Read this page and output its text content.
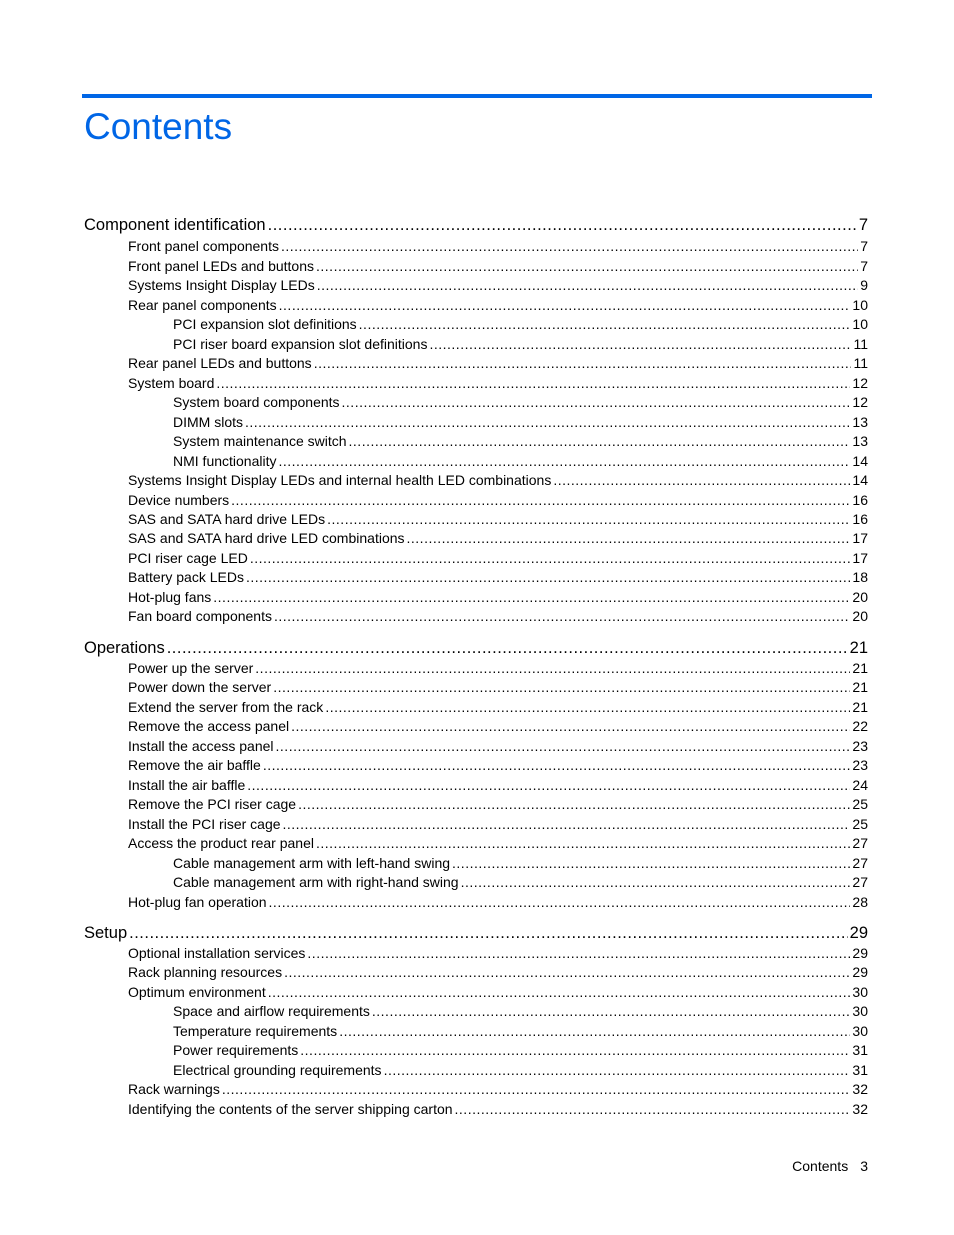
Contents
Component identification .....	7
Front panel components .....	7
Front panel LEDs and buttons .....	7
Systems Insight Display LEDs .....	9
Rear panel components .....	10
PCI expansion slot definitions .....	10
PCI riser board expansion slot definitions .....	11
Rear panel LEDs and buttons .....	11
System board .....	12
System board components .....	12
DIMM slots .....	13
System maintenance switch .....	13
NMI functionality .....	14
Systems Insight Display LEDs and internal health LED combinations .....	14
Device numbers .....	16
SAS and SATA hard drive LEDs .....	16
SAS and SATA hard drive LED combinations .....	17
PCI riser cage LED .....	17
Battery pack LEDs .....	18
Hot-plug fans .....	20
Fan board components .....	20
Operations .....	21
Power up the server .....	21
Power down the server .....	21
Extend the server from the rack .....	21
Remove the access panel .....	22
Install the access panel .....	23
Remove the air baffle .....	23
Install the air baffle .....	24
Remove the PCI riser cage .....	25
Install the PCI riser cage .....	25
Access the product rear panel .....	27
Cable management arm with left-hand swing .....	27
Cable management arm with right-hand swing .....	27
Hot-plug fan operation .....	28
Setup .....	29
Optional installation services .....	29
Rack planning resources .....	29
Optimum environment .....	30
Space and airflow requirements .....	30
Temperature requirements .....	30
Power requirements .....	31
Electrical grounding requirements .....	31
Rack warnings .....	32
Identifying the contents of the server shipping carton .....	32
Contents 3
